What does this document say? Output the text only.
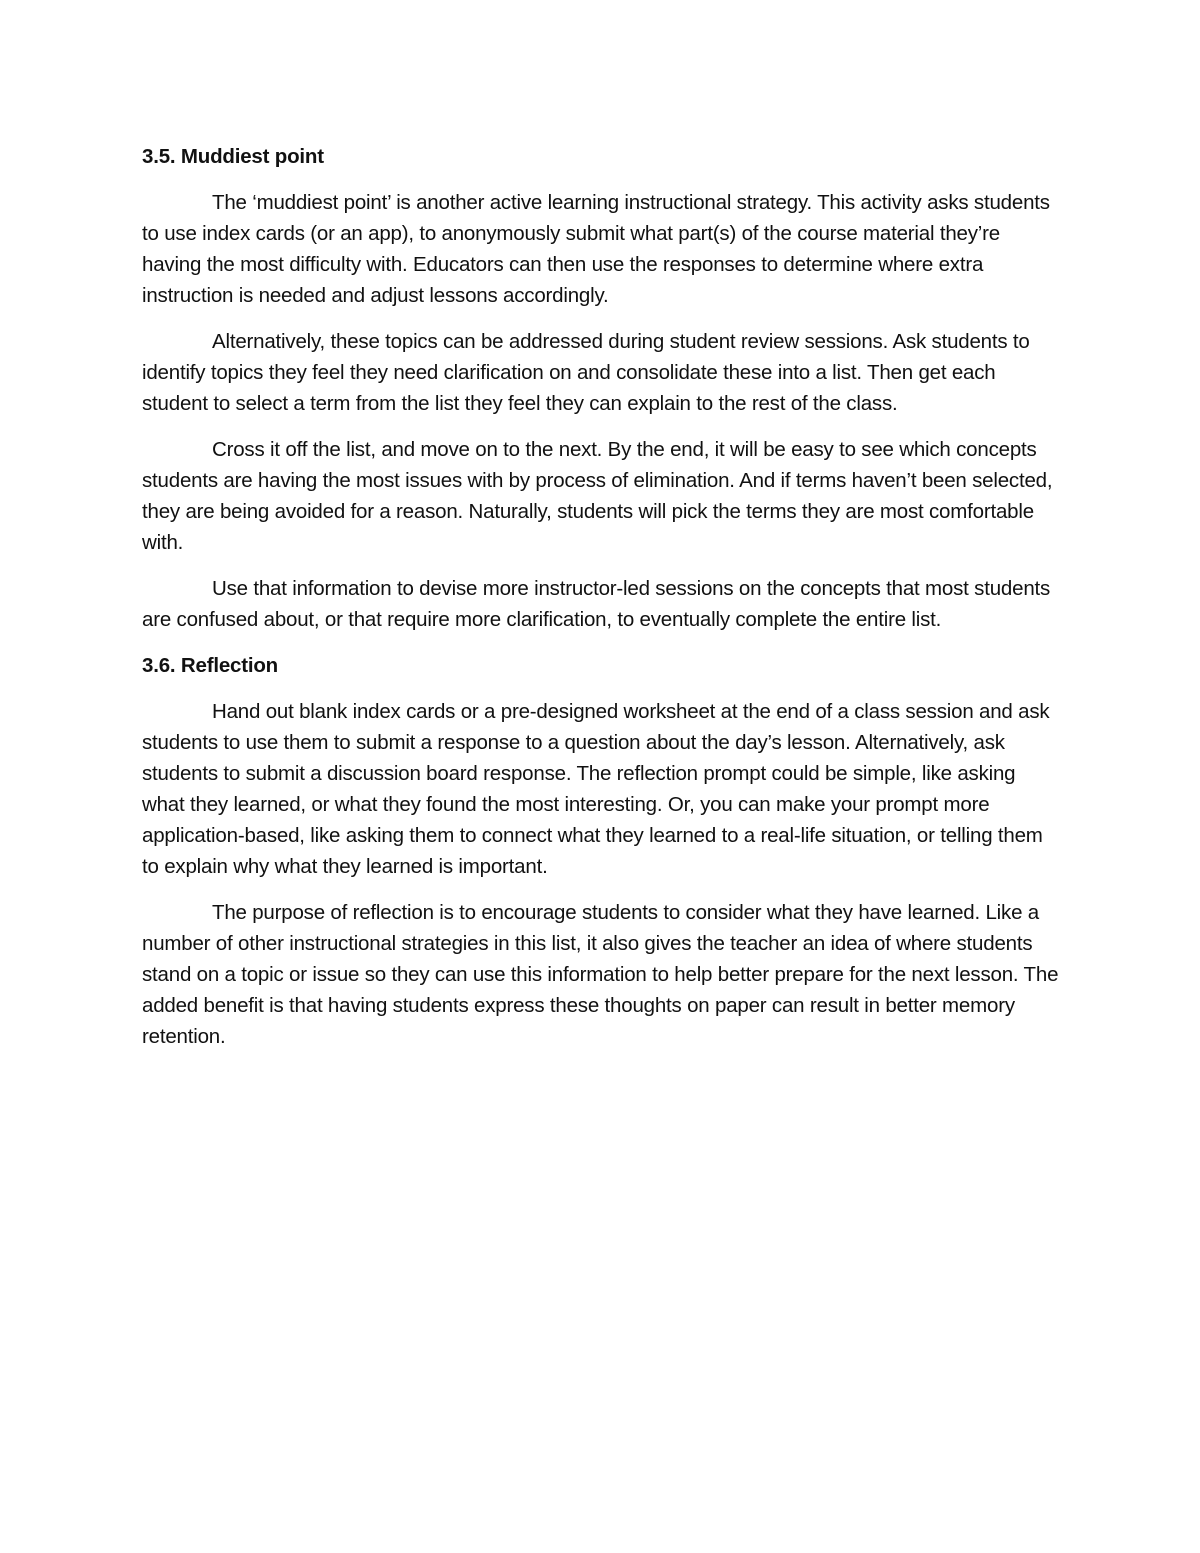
3.5. Muddiest point

The ‘muddiest point’ is another active learning instructional strategy. This activity asks students to use index cards (or an app), to anonymously submit what part(s) of the course material they’re having the most difficulty with. Educators can then use the responses to determine where extra instruction is needed and adjust lessons accordingly.

Alternatively, these topics can be addressed during student review sessions. Ask students to identify topics they feel they need clarification on and consolidate these into a list. Then get each student to select a term from the list they feel they can explain to the rest of the class.

Cross it off the list, and move on to the next. By the end, it will be easy to see which concepts students are having the most issues with by process of elimination. And if terms haven’t been selected, they are being avoided for a reason. Naturally, students will pick the terms they are most comfortable with.

Use that information to devise more instructor-led sessions on the concepts that most students are confused about, or that require more clarification, to eventually complete the entire list.

3.6. Reflection

Hand out blank index cards or a pre-designed worksheet at the end of a class session and ask students to use them to submit a response to a question about the day’s lesson. Alternatively, ask students to submit a discussion board response. The reflection prompt could be simple, like asking what they learned, or what they found the most interesting. Or, you can make your prompt more application-based, like asking them to connect what they learned to a real-life situation, or telling them to explain why what they learned is important.

The purpose of reflection is to encourage students to consider what they have learned. Like a number of other instructional strategies in this list, it also gives the teacher an idea of where students stand on a topic or issue so they can use this information to help better prepare for the next lesson. The added benefit is that having students express these thoughts on paper can result in better memory retention.
